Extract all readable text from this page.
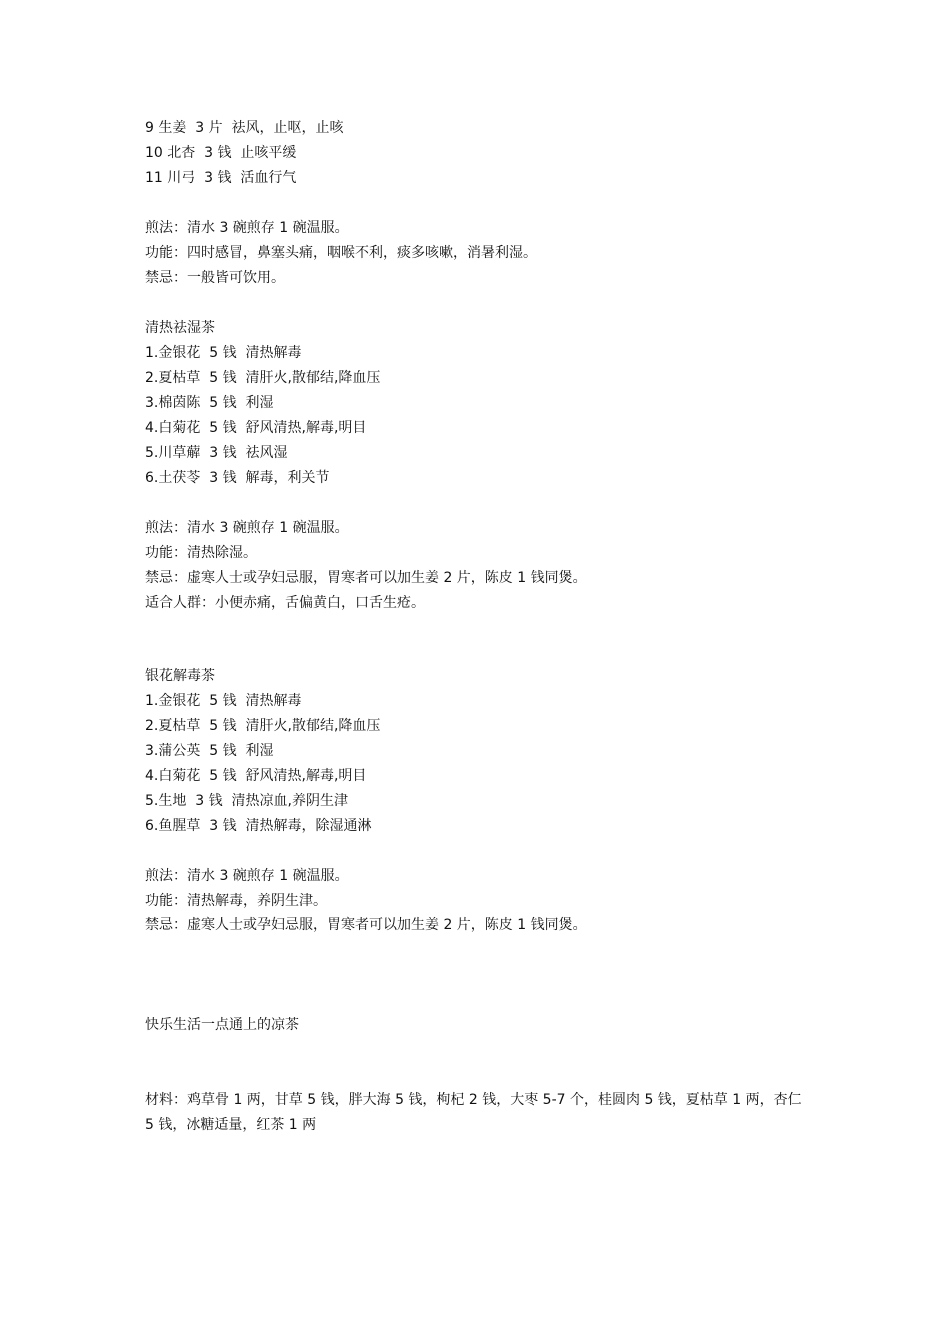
9 生姜  3 片  祛风，止呕，止咳
10 北杏  3 钱  止咳平缓
11 川弓  3 钱  活血行气
煎法：清水 3 碗煎存 1 碗温服。
功能：四时感冒，鼻塞头痛，咽喉不利，痰多咳嗽，消暑利湿。
禁忌：一般皆可饮用。
清热祛湿茶
1.金银花  5 钱  清热解毒
2.夏枯草  5 钱  清肝火,散郁结,降血压
3.棉茵陈  5 钱  利湿
4.白菊花  5 钱  舒风清热,解毒,明目
5.川草薢  3 钱  祛风湿
6.土茯苓  3 钱  解毒，利关节
煎法：清水 3 碗煎存 1 碗温服。
功能：清热除湿。
禁忌：虚寒人士或孕妇忌服，胃寒者可以加生姜 2 片，陈皮 1 钱同煲。
适合人群：小便赤痛，舌偏黄白，口舌生疮。
银花解毒茶
1.金银花  5 钱  清热解毒
2.夏枯草  5 钱  清肝火,散郁结,降血压
3.蒲公英  5 钱  利湿
4.白菊花  5 钱  舒风清热,解毒,明目
5.生地  3 钱  清热凉血,养阴生津
6.鱼腥草  3 钱  清热解毒，除湿通淋
煎法：清水 3 碗煎存 1 碗温服。
功能：清热解毒，养阴生津。
禁忌：虚寒人士或孕妇忌服，胃寒者可以加生姜 2 片，陈皮 1 钱同煲。
快乐生活一点通上的凉茶
材料：鸡草骨 1 两，甘草 5 钱，胖大海 5 钱，枸杞 2 钱，大枣 5-7 个，桂圆肉 5 钱，夏枯草 1 两，杏仁 5 钱，冰糖适量，红茶 1 两
